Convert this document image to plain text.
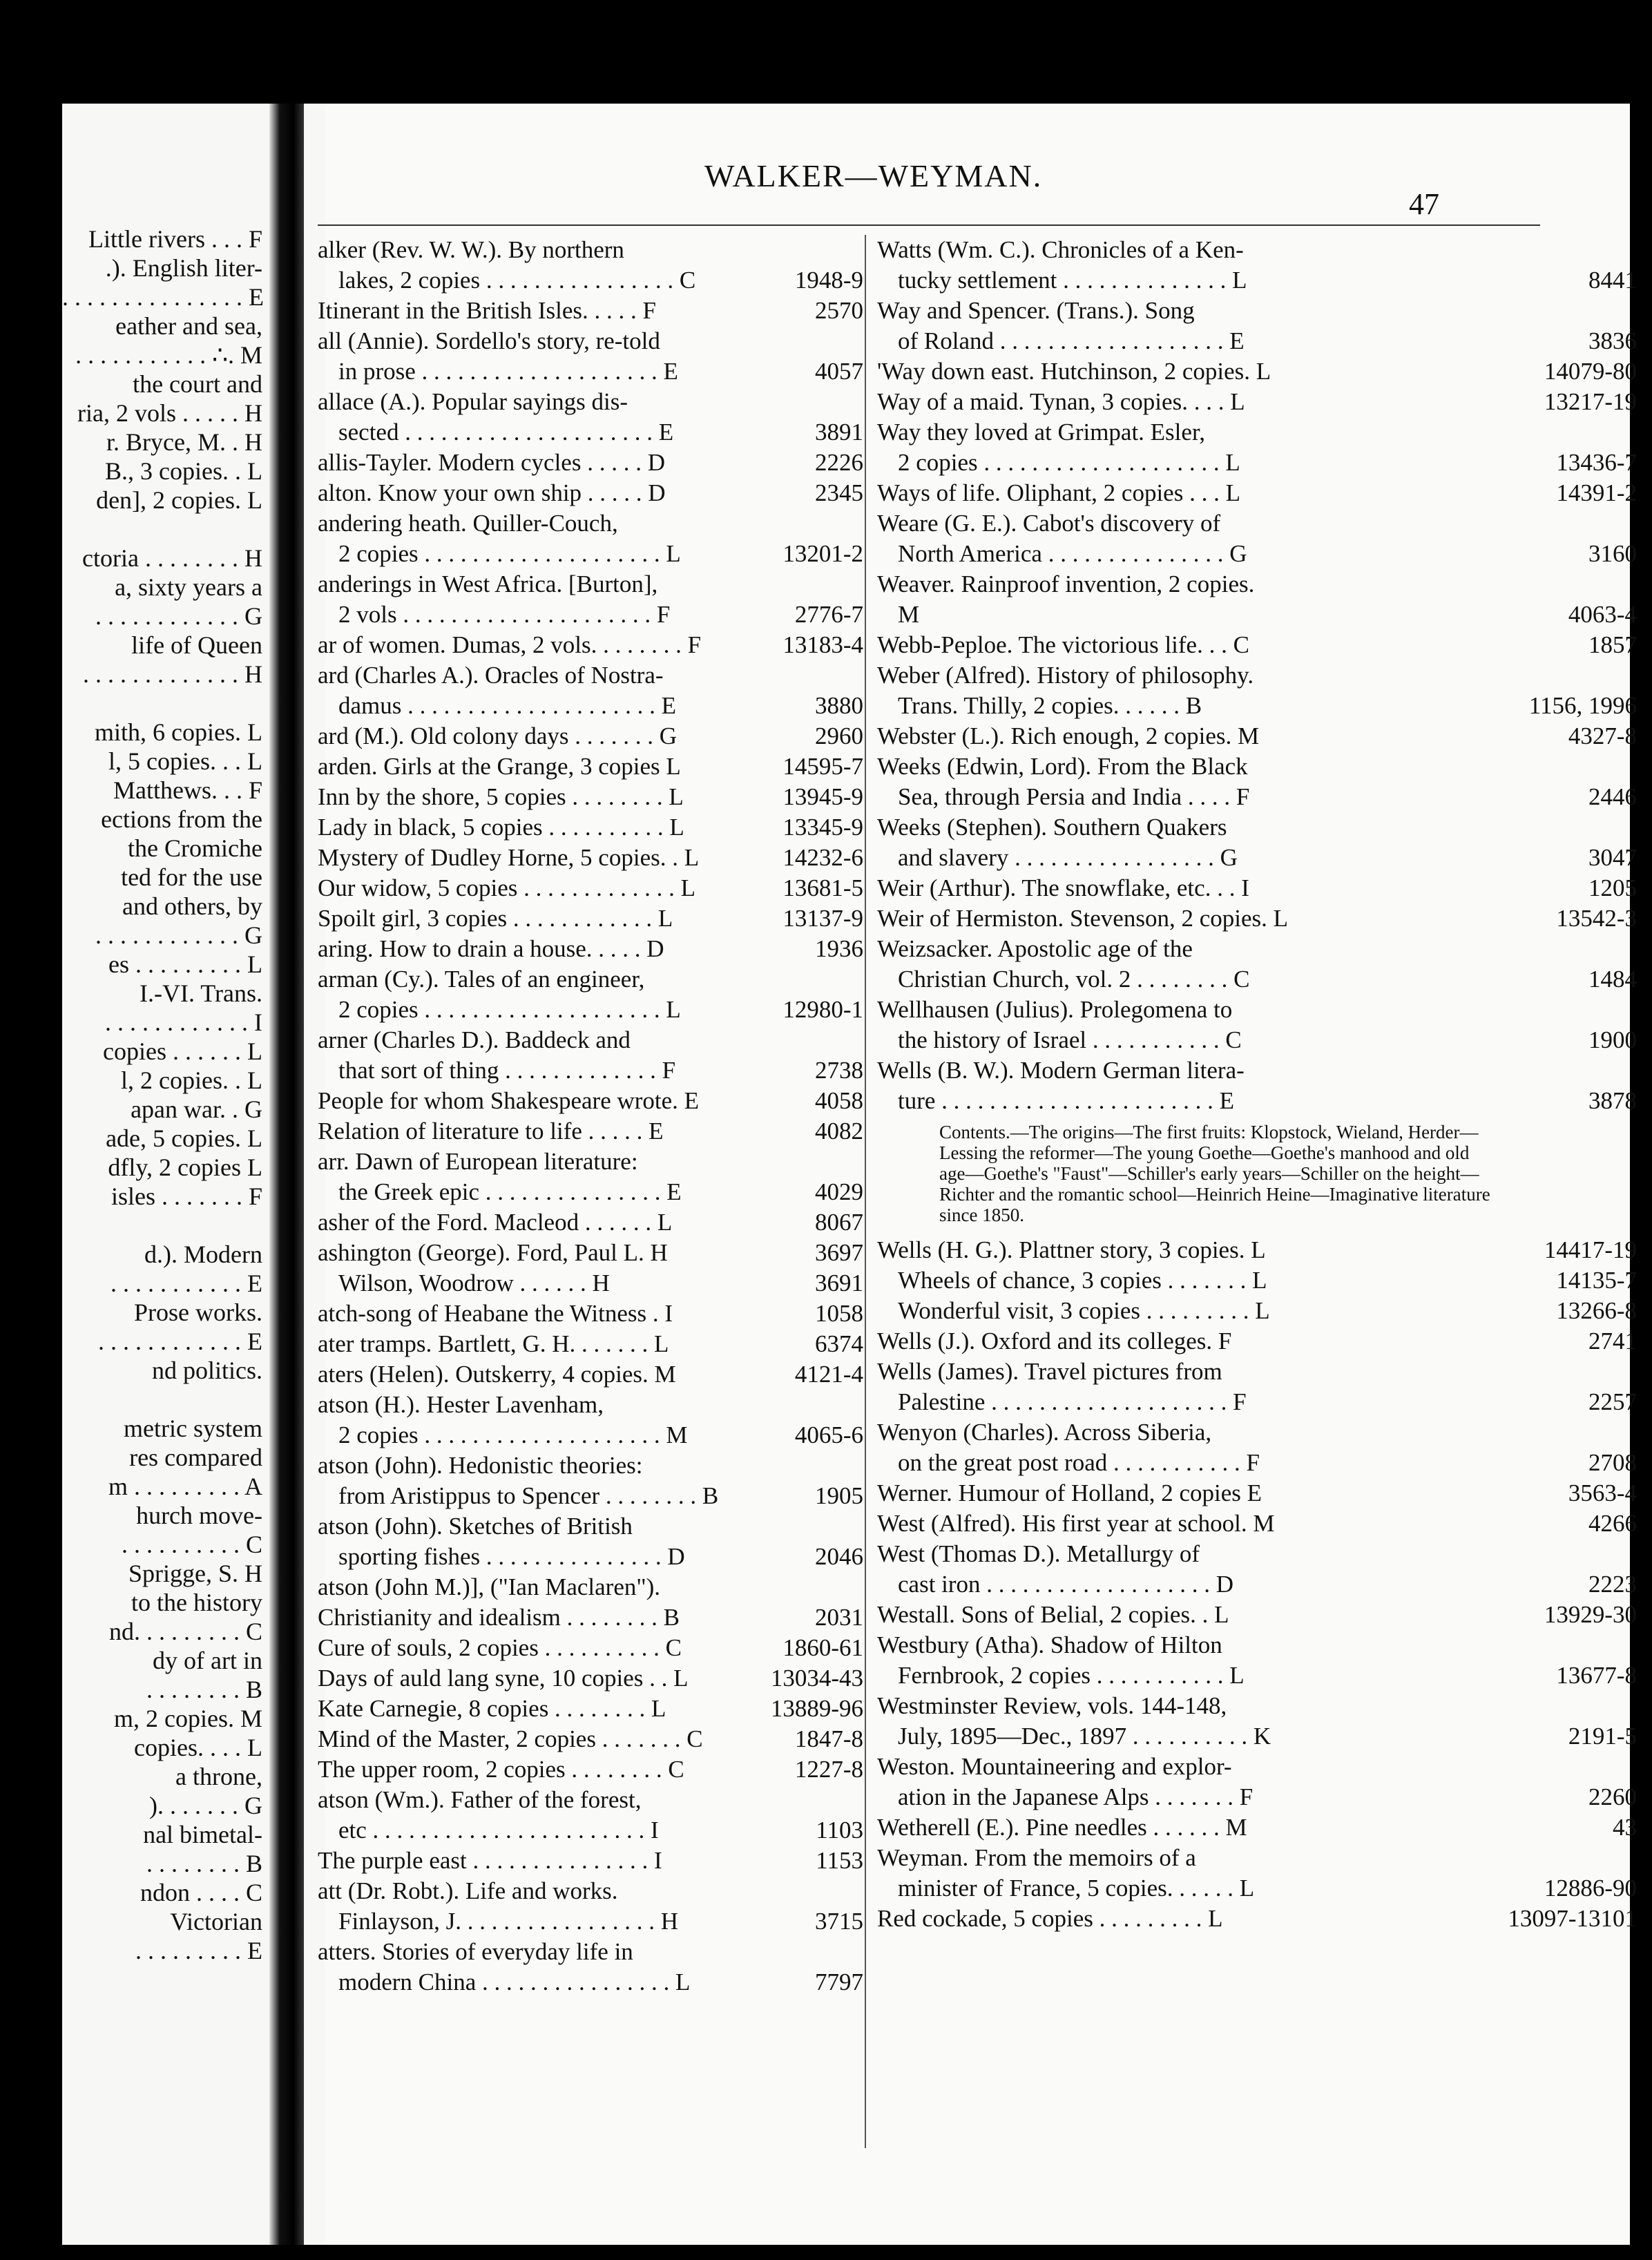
Little rivers . . . F
.). English liter-
. . . . . . . . . . . . . . . E
eather and sea,
. . . . . . . . . . . ∴. M
the court and
ria, 2 vols . . . . . H
r. Bryce, M. . H
B., 3 copies. . L
den], 2 copies. L
ctoria . . . . . . . . H
a, sixty years a
. . . . . . . . . . . . G
life of Queen
. . . . . . . . . . . . . H
mith, 6 copies. L
l, 5 copies. . . L
Matthews. . . F
ections from the
the Cromiche
ted for the use
and others, by
. . . . . . . . . . . . G
es . . . . . . . . . L
I.-VI. Trans.
. . . . . . . . . . . . I
copies . . . . . . L
l, 2 copies. . L
apan war. . G
ade, 5 copies. L
dfly, 2 copies L
isles . . . . . . . F
d.). Modern
. . . . . . . . . . . E
Prose works.
. . . . . . . . . . . . E
nd politics.
metric system
res compared
m . . . . . . . . . A
hurch move-
. . . . . . . . . . C
Sprigge, S. H
to the history
nd. . . . . . . . . C
dy of art in
. . . . . . . . B
m, 2 copies. M
copies. . . . L
a throne,
). . . . . . . G
nal bimetal-
. . . . . . . . B
ndon . . . . C
Victorian
. . . . . . . . . E
WALKER—WEYMAN.
47
alker (Rev. W. W.). By northern
lakes, 2 copies . . . . . . . . . . . . . . . . C	1948-9
Itinerant in the British Isles. . . . . F	2570
all (Annie). Sordello's story, re-told
in prose . . . . . . . . . . . . . . . . . . . . E	4057
allace (A.). Popular sayings dis-
sected . . . . . . . . . . . . . . . . . . . . . E	3891
allis-Tayler. Modern cycles . . . . . D	2226
alton. Know your own ship . . . . . D	2345
andering heath. Quiller-Couch,
2 copies . . . . . . . . . . . . . . . . . . . . L	13201-2
anderings in West Africa. [Burton],
2 vols . . . . . . . . . . . . . . . . . . . . . F	2776-7
ar of women. Dumas, 2 vols. . . . . . . . F	13183-4
ard (Charles A.). Oracles of Nostra-
damus . . . . . . . . . . . . . . . . . . . . . E	3880
ard (M.). Old colony days . . . . . . . G	2960
arden. Girls at the Grange, 3 copies L	14595-7
Inn by the shore, 5 copies . . . . . . . . L	13945-9
Lady in black, 5 copies . . . . . . . . . . L	13345-9
Mystery of Dudley Horne, 5 copies. . L	14232-6
Our widow, 5 copies . . . . . . . . . . . . . L	13681-5
Spoilt girl, 3 copies . . . . . . . . . . . . L	13137-9
aring. How to drain a house. . . . . D	1936
arman (Cy.). Tales of an engineer,
2 copies . . . . . . . . . . . . . . . . . . . . L	12980-1
arner (Charles D.). Baddeck and
that sort of thing . . . . . . . . . . . . . F	2738
People for whom Shakespeare wrote. E	4058
Relation of literature to life . . . . . E	4082
arr. Dawn of European literature:
the Greek epic . . . . . . . . . . . . . . . E	4029
asher of the Ford. Macleod . . . . . . L	8067
ashington (George). Ford, Paul L. H	3697
Wilson, Woodrow . . . . . . H	3691
atch-song of Heabane the Witness . I	1058
ater tramps. Bartlett, G. H. . . . . . . L	6374
aters (Helen). Outskerry, 4 copies. M	4121-4
atson (H.). Hester Lavenham,
2 copies . . . . . . . . . . . . . . . . . . . . M	4065-6
atson (John). Hedonistic theories:
from Aristippus to Spencer . . . . . . . . B	1905
atson (John). Sketches of British
sporting fishes . . . . . . . . . . . . . . . D	2046
atson (John M.)], ("Ian Maclaren").
Christianity and idealism . . . . . . . . B	2031
Cure of souls, 2 copies . . . . . . . . . . C	1860-61
Days of auld lang syne, 10 copies . . L	13034-43
Kate Carnegie, 8 copies . . . . . . . . L	13889-96
Mind of the Master, 2 copies . . . . . . . C	1847-8
The upper room, 2 copies . . . . . . . . C	1227-8
atson (Wm.). Father of the forest,
etc . . . . . . . . . . . . . . . . . . . . . . . I	1103
The purple east . . . . . . . . . . . . . . . I	1153
att (Dr. Robt.). Life and works.
Finlayson, J. . . . . . . . . . . . . . . . . H	3715
atters. Stories of everyday life in
modern China . . . . . . . . . . . . . . . . L	7797
Watts (Wm. C.). Chronicles of a Ken-
tucky settlement . . . . . . . . . . . . . . L	8441
Way and Spencer. (Trans.). Song
of Roland . . . . . . . . . . . . . . . . . . . E	3836
'Way down east. Hutchinson, 2 copies. L	14079-80
Way of a maid. Tynan, 3 copies. . . . L	13217-19
Way they loved at Grimpat. Esler,
2 copies . . . . . . . . . . . . . . . . . . . . L	13436-7
Ways of life. Oliphant, 2 copies . . . L	14391-2
Weare (G. E.). Cabot's discovery of
North America . . . . . . . . . . . . . . . G	3160
Weaver. Rainproof invention, 2 copies.
M	4063-4
Webb-Peploe. The victorious life. . . C	1857
Weber (Alfred). History of philosophy.
Trans. Thilly, 2 copies. . . . . . B	1156, 1996
Webster (L.). Rich enough, 2 copies. M	4327-8
Weeks (Edwin, Lord). From the Black
Sea, through Persia and India . . . . F	2446
Weeks (Stephen). Southern Quakers
and slavery . . . . . . . . . . . . . . . . . G	3047
Weir (Arthur). The snowflake, etc. . . I	1205
Weir of Hermiston. Stevenson, 2 copies. L	13542-3
Weizsacker. Apostolic age of the
Christian Church, vol. 2 . . . . . . . . C	1484
Wellhausen (Julius). Prolegomena to
the history of Israel . . . . . . . . . . . C	1900
Wells (B. W.). Modern German litera-
ture . . . . . . . . . . . . . . . . . . . . . . . E	3878
Contents.—The origins—The first fruits: Klopstock, Wieland, Herder—Lessing the reformer—The young Goethe—Goethe's manhood and old age—Goethe's "Faust"—Schiller's early years—Schiller on the height—Richter and the romantic school—Heinrich Heine—Imaginative literature since 1850.
Wells (H. G.). Plattner story, 3 copies. L	14417-19
Wheels of chance, 3 copies . . . . . . . L	14135-7
Wonderful visit, 3 copies . . . . . . . . . L	13266-8
Wells (J.). Oxford and its colleges. F	2741
Wells (James). Travel pictures from
Palestine . . . . . . . . . . . . . . . . . . . . F	2257
Wenyon (Charles). Across Siberia,
on the great post road . . . . . . . . . . . F	2708
Werner. Humour of Holland, 2 copies E	3563-4
West (Alfred). His first year at school. M	4266
West (Thomas D.). Metallurgy of
cast iron . . . . . . . . . . . . . . . . . . . D	2223
Westall. Sons of Belial, 2 copies. . L	13929-30
Westbury (Atha). Shadow of Hilton
Fernbrook, 2 copies . . . . . . . . . . . L	13677-8
Westminster Review, vols. 144-148,
July, 1895—Dec., 1897 . . . . . . . . . . K	2191-5
Weston. Mountaineering and explor-
ation in the Japanese Alps . . . . . . . F	2260
Wetherell (E.). Pine needles . . . . . . M	43
Weyman. From the memoirs of a
minister of France, 5 copies. . . . . . L	12886-90
Red cockade, 5 copies . . . . . . . . . L	13097-13101
